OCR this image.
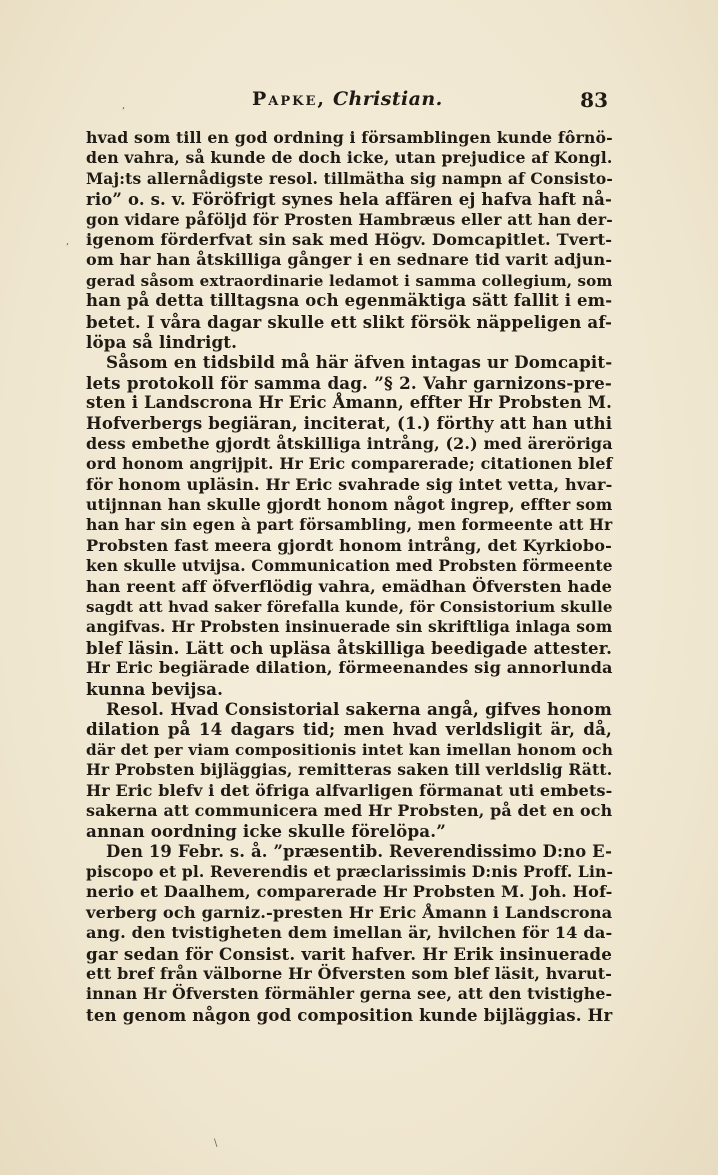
Papke, Christian.	83
hvad som till en god ordning i församblingen kunde fôrnö-
den vahra, så kunde de doch icke, utan prejudice af Kongl.
Maj:ts allernådigste resol. tillmätha sig nampn af Consisto-
rio” o. s. v. Föröfrigt synes hela affären ej hafva haft nå-
gon vidare påföljd för Prosten Hambræus eller att han der-
igenom förderfvat sin sak med Högv. Domcapitlet. Tvert-
om har han åtskilliga gånger i en sednare tid varit adjun-
gerad såsom extraordinarie ledamot i samma collegium, som
han på detta tilltagsna och egenmäktiga sätt fallit i em-
betet. I våra dagar skulle ett slikt försök näppeligen af-
löpa så lindrigt.
Såsom en tidsbild må här äfven intagas ur Domcapit-
lets protokoll för samma dag. ”§ 2. Vahr garnizons-pre-
sten i Landscrona Hr Eric Åmann, effter Hr Probsten M.
Hofverbergs begiäran, inciterat, (1.) förthy att han uthi
dess embethe gjordt åtskilliga intrång, (2.) med äreröriga
ord honom angrijpit. Hr Eric comparerade; citationen blef
för honom upläsin. Hr Eric svahrade sig intet vetta, hvar-
utijnnan han skulle gjordt honom något ingrep, effter som
han har sin egen à part försambling, men formeente att Hr
Probsten fast meera gjordt honom intrång, det Kyrkiobo-
ken skulle utvijsa. Communication med Probsten förmeente
han reent aff öfverflödig vahra, emädhan Öfversten hade
sagdt att hvad saker förefalla kunde, för Consistorium skulle
angifvas. Hr Probsten insinuerade sin skriftliga inlaga som
blef läsin. Lätt och upläsa åtskilliga beedigade attester.
Hr Eric begiärade dilation, förmeenandes sig annorlunda
kunna bevijsa.
Resol. Hvad Consistorial sakerna angå, gifves honom
dilation på 14 dagars tid; men hvad verldsligit är, då,
där det per viam compositionis intet kan imellan honom och
Hr Probsten bijläggias, remitteras saken till verldslig Rätt.
Hr Eric blefv i det öfriga alfvarligen förmanat uti embets-
sakerna att communicera med Hr Probsten, på det en och
annan oordning icke skulle förelöpa.”
Den 19 Febr. s. å. ”præsentib. Reverendissimo D:no E-
piscopo et pl. Reverendis et præclarissimis D:nis Proff. Lin-
nerio et Daalhem, comparerade Hr Probsten M. Joh. Hof-
verberg och garniz.-presten Hr Eric Åmann i Landscrona
ang. den tvistigheten dem imellan är, hvilchen för 14 da-
gar sedan för Consist. varit hafver. Hr Erik insinuerade
ett bref från välborne Hr Öfversten som blef läsit, hvarut-
innan Hr Öfversten förmähler gerna see, att den tvistighe-
ten genom någon god composition kunde bijläggias. Hr
,
,
\
